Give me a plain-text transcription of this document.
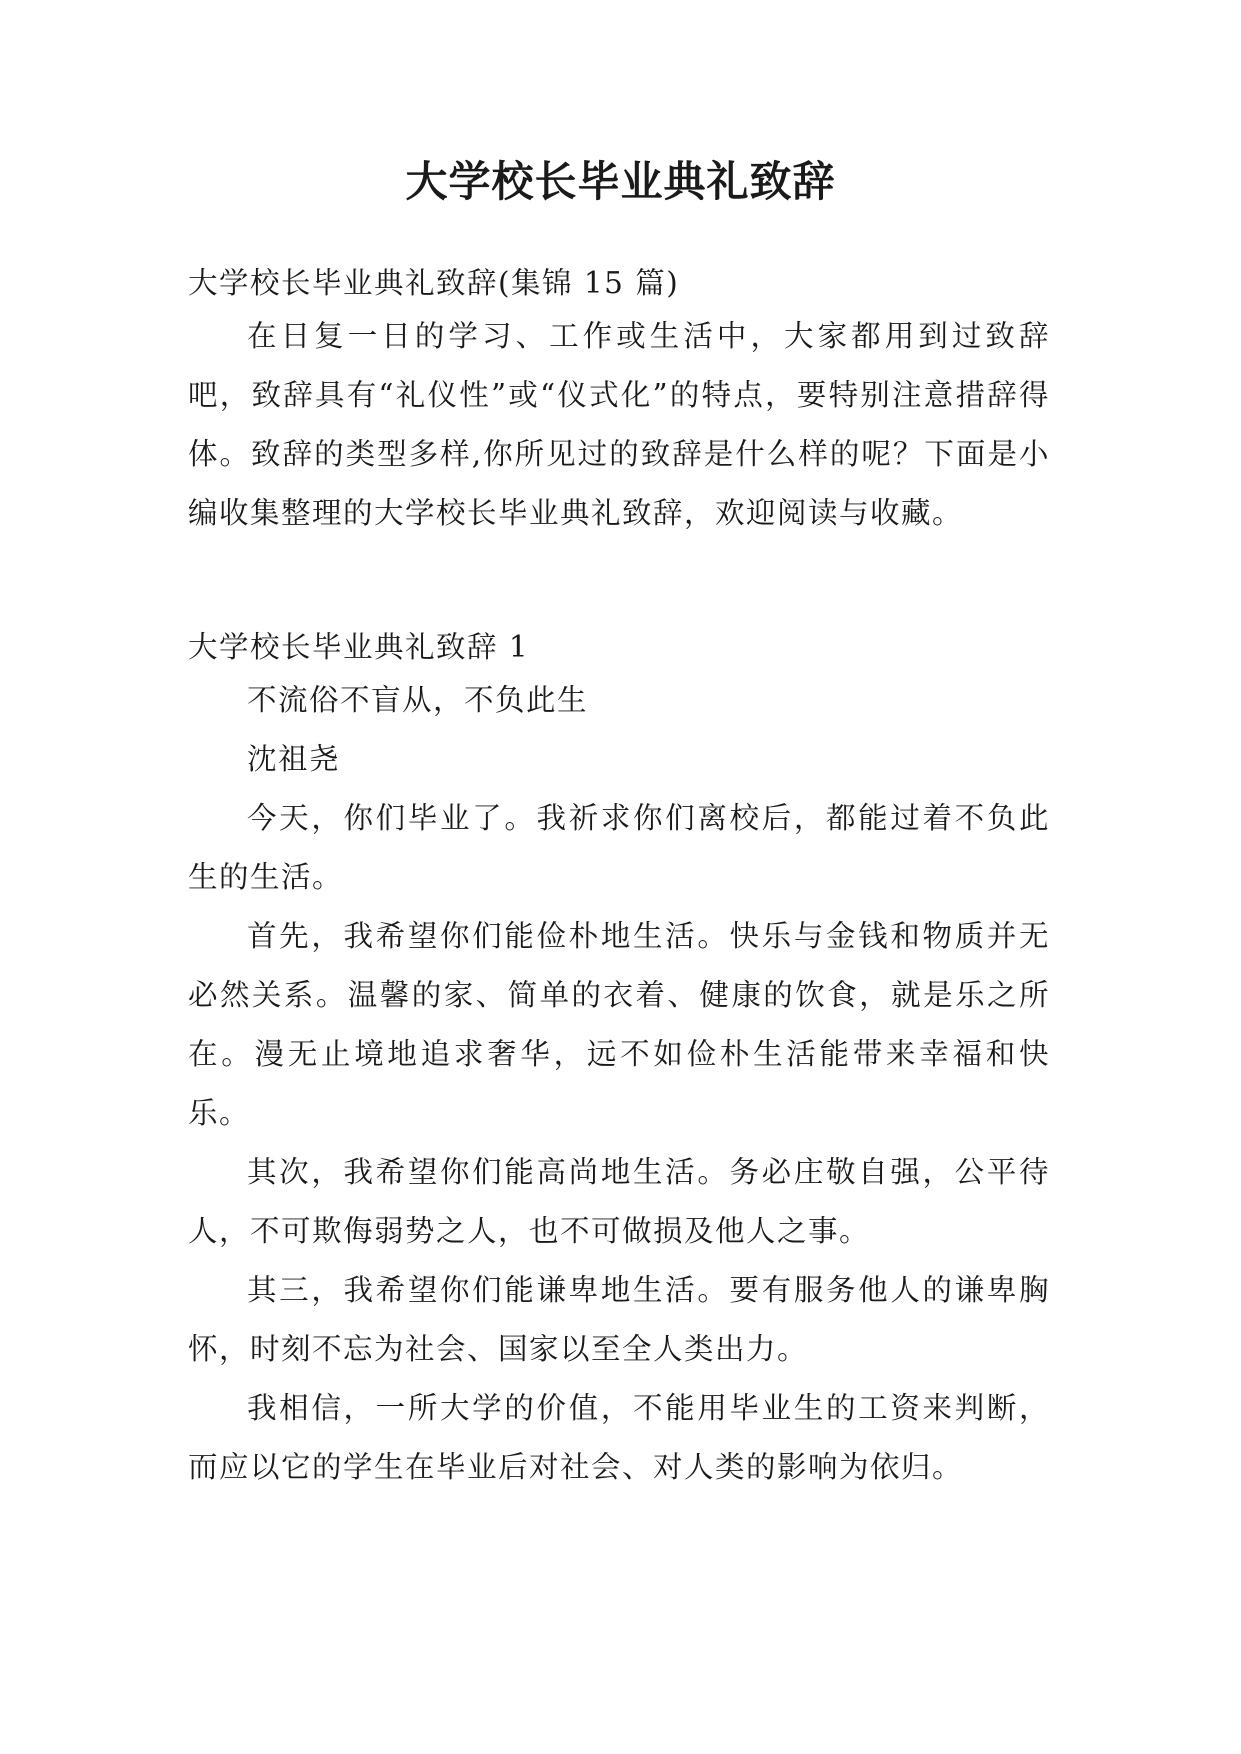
大学校长毕业典礼致辞
大学校长毕业典礼致辞(集锦 15 篇)

在日复一日的学习、工作或生活中，大家都用到过致辞吧，致辞具有“礼仪性”或“仪式化”的特点，要特别注意措辞得体。致辞的类型多样,你所见过的致辞是什么样的呢？下面是小编收集整理的大学校长毕业典礼致辞，欢迎阅读与收藏。

大学校长毕业典礼致辞 1

不流俗不盲从，不负此生

沈祖尧

今天，你们毕业了。我祈求你们离校后，都能过着不负此生的生活。

首先，我希望你们能俭朴地生活。快乐与金钱和物质并无必然关系。温馨的家、简单的衣着、健康的饮食，就是乐之所在。漫无止境地追求奢华，远不如俭朴生活能带来幸福和快乐。

其次，我希望你们能高尚地生活。务必庄敬自强，公平待人，不可欺侮弱势之人，也不可做损及他人之事。

其三，我希望你们能谦卑地生活。要有服务他人的谦卑胸怀，时刻不忘为社会、国家以至全人类出力。

我相信，一所大学的价值，不能用毕业生的工资来判断，而应以它的学生在毕业后对社会、对人类的影响为依归。
